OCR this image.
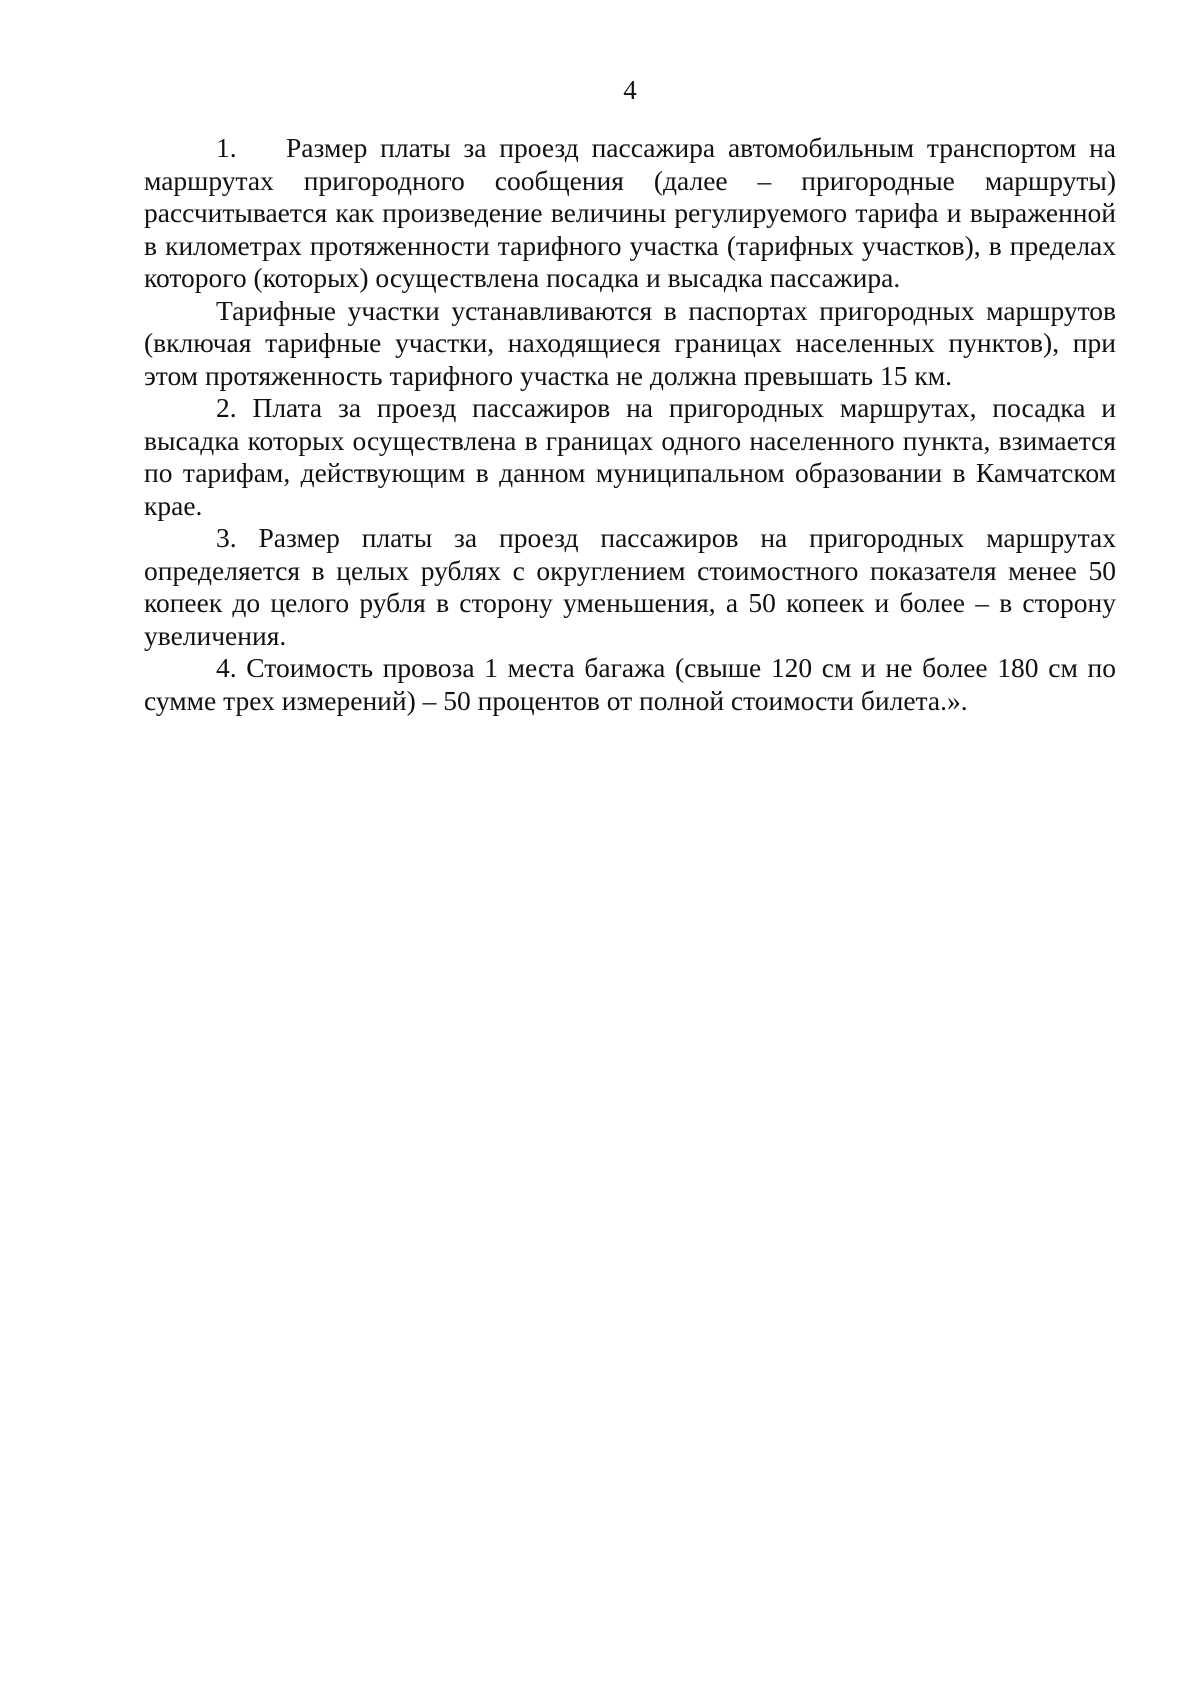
4

1. Размер платы за проезд пассажира автомобильным транспортом на маршрутах пригородного сообщения (далее – пригородные маршруты) рассчитывается как произведение величины регулируемого тарифа и выраженной в километрах протяженности тарифного участка (тарифных участков), в пределах которого (которых) осуществлена посадка и высадка пассажира.

Тарифные участки устанавливаются в паспортах пригородных маршрутов (включая тарифные участки, находящиеся границах населенных пунктов), при этом протяженность тарифного участка не должна превышать 15 км.

2. Плата за проезд пассажиров на пригородных маршрутах, посадка и высадка которых осуществлена в границах одного населенного пункта, взимается по тарифам, действующим в данном муниципальном образовании в Камчатском крае.

3. Размер платы за проезд пассажиров на пригородных маршрутах определяется в целых рублях с округлением стоимостного показателя менее 50 копеек до целого рубля в сторону уменьшения, а 50 копеек и более – в сторону увеличения.

4. Стоимость провоза 1 места багажа (свыше 120 см и не более 180 см по сумме трех измерений) – 50 процентов от полной стоимости билета.».
